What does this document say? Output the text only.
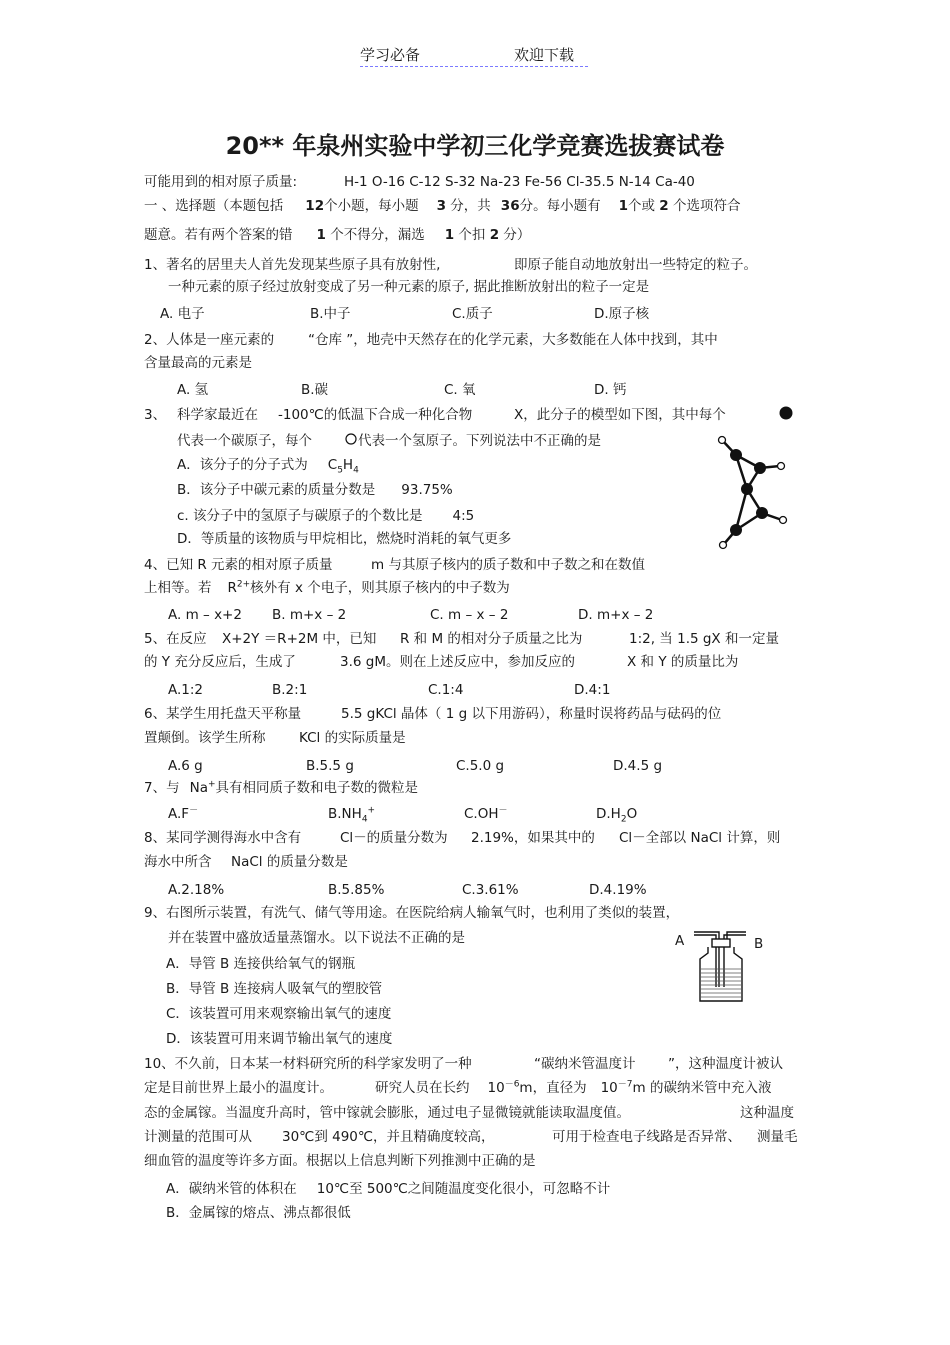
学习必备	欢迎下载
20** 年泉州实验中学初三化学竞赛选拔赛试卷
可能用到的相对原子质量:	H-1 O-16 C-12 S-32 Na-23 Fe-56 Cl-35.5 N-14 Ca-40
一 、选择题（本题包括 12个小题，每小题 3 分，共 36分。每小题有 1个或 2 个选项符合
题意。若有两个答案的错 1 个不得分，漏选 1 个扣 2 分）
1、著名的居里夫人首先发现某些原子具有放射性,	即原子能自动地放射出一些特定的粒子。
一种元素的原子经过放射变成了另一种元素的原子, 据此推断放射出的粒子一定是
A. 电子	B.中子	C.质子	D.原子核
2、人体是一座元素的	“仓库 ”，地壳中天然存在的化学元素，大多数能在人体中找到，其中
含量最高的元素是
A. 氢	B.碳	C. 氧	D. 钙
3、 科学家最近在 -100℃的低温下合成一种化合物	X，此分子的模型如下图，其中每个
代表一个碳原子，每个	代表一个氢原子。下列说法中不正确的是
A．该分子的分子式为 $C_5H_4$
B．该分子中碳元素的质量分数是 93.75%
c. 该分子中的氢原子与碳原子的个数比是 4:5
D．等质量的该物质与甲烷相比，燃烧时消耗的氧气更多
4、已知 R 元素的相对原子质量	m 与其原子核内的质子数和中子数之和在数值
上相等。若 $R^{2+}$核外有 x 个电子，则其原子核内的中子数为
A. m – x+2 B. m+x – 2	C. m – x – 2	D. m+x – 2
5、在反应 X+2Y ＝R+2M 中，已知 R 和 M 的相对分子质量之比为	1:2, 当 1.5 gX 和一定量
的 Y 充分反应后，生成了	3.6 gM。则在上述反应中，参加反应的	X 和 Y 的质量比为
A.1:2	B.2:1	C.1:4	D.4:1
6、某学生用托盘天平称量	5.5 gKCl 晶体（ 1 g 以下用游码），称量时误将药品与砝码的位
置颠倒。该学生所称 KCl 的实际质量是
A.6 g	B.5.5 g	C.5.0 g	D.4.5 g
7、与 Na+具有相同质子数和电子数的微粒是
A.F－	$B.NH_4^+$	C.OH－	$D.H_2O$
8、某同学测得海水中含有	Cl－的质量分数为 2.19%，如果其中的 Cl－全部以 NaCl 计算，则
海水中所含 NaCl 的质量分数是
A.2.18%	B.5.85%	C.3.61%	D.4.19%
9、右图所示装置，有洗气、储气等用途。在医院给病人输氧气时，也利用了类似的装置，
并在装置中盛放适量蒸馏水。以下说法不正确的是
A．导管 B 连接供给氧气的钢瓶
B．导管 B 连接病人吸氧气的塑胶管
C．该装置可用来观察输出氧气的速度
D．该装置可用来调节输出氧气的速度
A	B
10、不久前，日本某一材料研究所的科学家发明了一种	“碳纳米管温度计 ”，这种温度计被认
定是目前世界上最小的温度计。	研究人员在长约 $10^{-6}m$，直径为 $10^{-7}m$ 的碳纳米管中充入液
态的金属镓。当温度升高时，管中镓就会膨胀，通过电子显微镜就能读取温度值。	这种温度
计测量的范围可从 30℃到 490℃，并且精确度较高，	可用于检查电子线路是否异常、 测量毛
细血管的温度等许多方面。根据以上信息判断下列推测中正确的是
A．碳纳米管的体积在 10℃至 500℃之间随温度变化很小，可忽略不计
B．金属镓的熔点、沸点都很低
